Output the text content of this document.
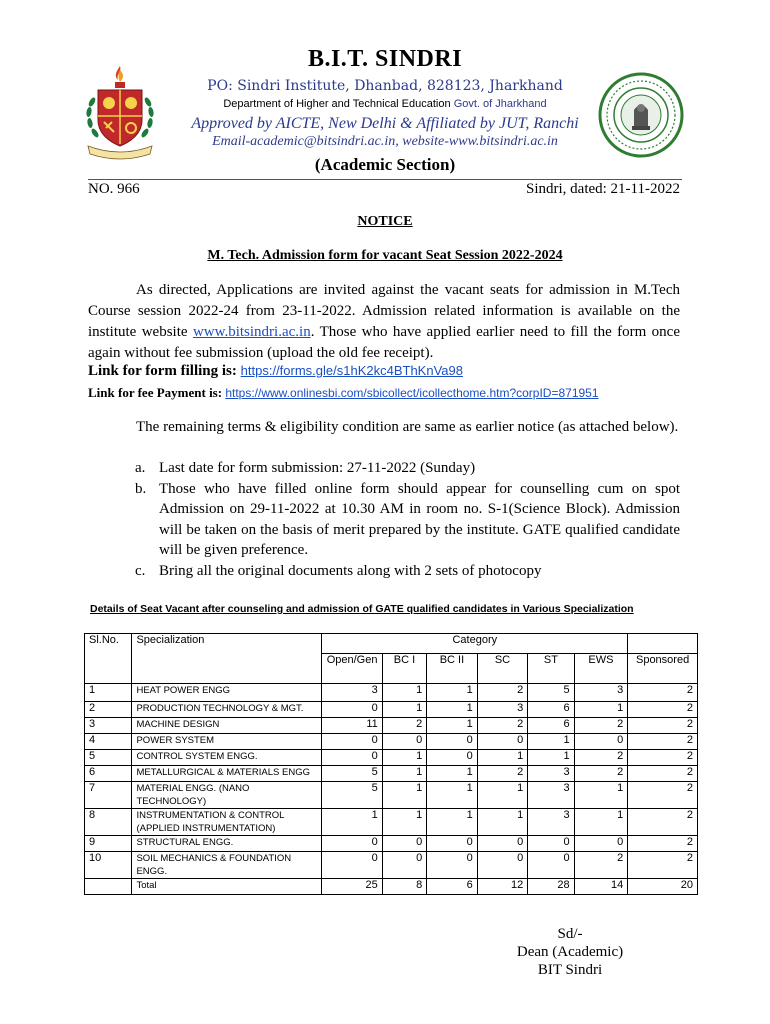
B.I.T. SINDRI
PO: Sindri Institute, Dhanbad, 828123, Jharkhand
Department of Higher and Technical Education Govt. of Jharkhand
Approved by AICTE, New Delhi & Affiliated by JUT, Ranchi
Email-academic@bitsindri.ac.in, website-www.bitsindri.ac.in
(Academic Section)
NO. 966	Sindri, dated: 21-11-2022
NOTICE
M. Tech. Admission form for vacant Seat Session 2022-2024
As directed, Applications are invited against the vacant seats for admission in M.Tech Course session 2022-24 from 23-11-2022. Admission related information is available on the institute website www.bitsindri.ac.in. Those who have applied earlier need to fill the form once again without fee submission (upload the old fee receipt).
Link for form filling is: https://forms.gle/s1hK2kc4BThKnVa98
Link for fee Payment is: https://www.onlinesbi.com/sbicollect/icollecthome.htm?corpID=871951
The remaining terms & eligibility condition are same as earlier notice (as attached below).
a. Last date for form submission: 27-11-2022 (Sunday)
b. Those who have filled online form should appear for counselling cum on spot Admission on 29-11-2022 at 10.30 AM in room no. S-1(Science Block). Admission will be taken on the basis of merit prepared by the institute. GATE qualified candidate will be given preference.
c. Bring all the original documents along with 2 sets of photocopy
Details of Seat Vacant after counseling and admission of GATE qualified candidates in Various Specialization
Sl.No.	Specialization	Category						
		Open/Gen	BC I	BC II	SC	ST	EWS	Sponsored
1	HEAT POWER ENGG	3	1	1	2	5	3	2
2	PRODUCTION TECHNOLOGY & MGT.	0	1	1	3	6	1	2
3	MACHINE DESIGN	11	2	1	2	6	2	2
4	POWER SYSTEM	0	0	0	0	1	0	2
5	CONTROL SYSTEM ENGG.	0	1	0	1	1	2	2
6	METALLURGICAL & MATERIALS ENGG	5	1	1	2	3	2	2
7	MATERIAL ENGG. (NANO TECHNOLOGY)	5	1	1	1	3	1	2
8	INSTRUMENTATION & CONTROL (APPLIED INSTRUMENTATION)	1	1	1	1	3	1	2
9	STRUCTURAL ENGG.	0	0	0	0	0	0	2
10	SOIL MECHANICS & FOUNDATION ENGG.	0	0	0	0	0	2	2
	Total	25	8	6	12	28	14	20
Sd/-
Dean (Academic)
BIT Sindri
